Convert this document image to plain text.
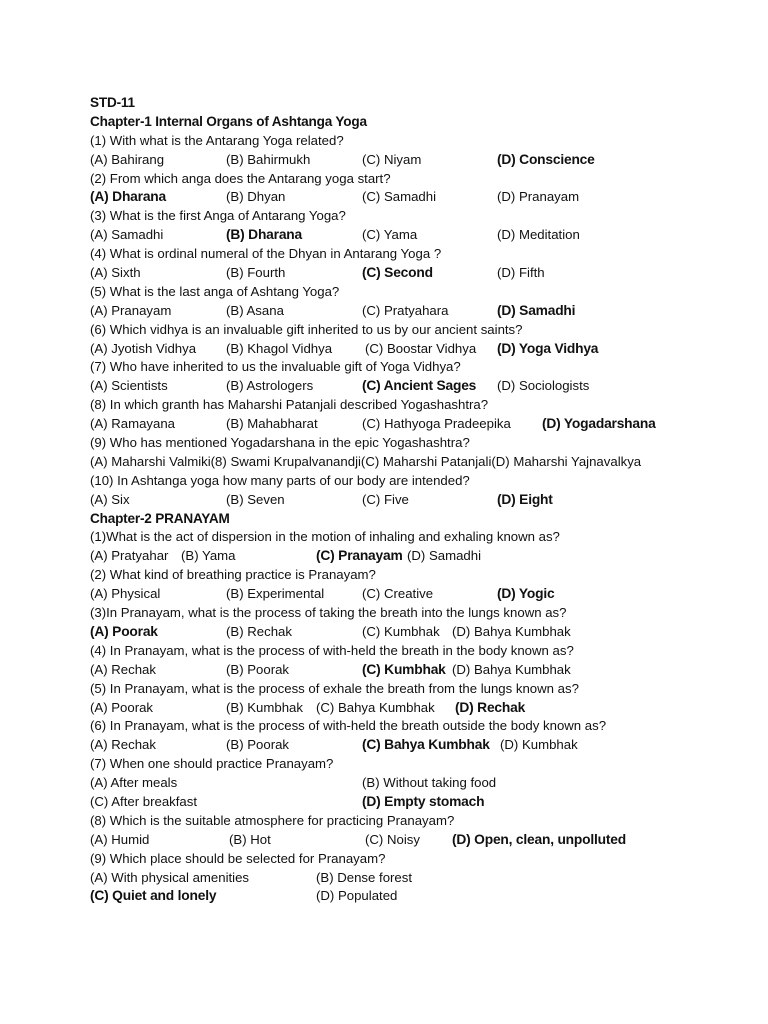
STD-11
Chapter-1 Internal Organs of Ashtanga Yoga
(1) With what is the Antarang Yoga related?
(A) Bahirang	(B) Bahirmukh	(C) Niyam	(D) Conscience
(2) From which anga does the Antarang yoga start?
(A) Dharana	(B) Dhyan	(C) Samadhi	(D) Pranayam
(3) What is the first Anga of Antarang Yoga?
(A) Samadhi	(B) Dharana	(C) Yama	(D) Meditation
(4) What is ordinal numeral of the Dhyan in Antarang Yoga ?
(A) Sixth	(B) Fourth	(C) Second	(D) Fifth
(5) What is the last anga of Ashtang Yoga?
(A) Pranayam	(B) Asana	(C) Pratyahara	(D) Samadhi
(6) Which vidhya is an invaluable gift inherited to us by our ancient saints?
(A) Jyotish Vidhya (B) Khagol Vidhya (C) Boostar Vidhya (D) Yoga Vidhya
(7) Who have inherited to us the invaluable gift of Yoga Vidhya?
(A) Scientists	(B) Astrologers	(C) Ancient Sages (D) Sociologists
(8) In which granth has Maharshi Patanjali described Yogashashtra?
(A) Ramayana	(B) Mahabharat	(C) Hathyoga Pradeepika (D) Yogadarshana
(9) Who has mentioned Yogadarshana in the epic Yogashashtra?
(A) Maharshi Valmiki(8) Swami Krupalvanandji(C) Maharshi Patanjali(D) Maharshi Yajnavalkya
(10) In Ashtanga yoga how many parts of our body are intended?
(A) Six	(B) Seven	(C) Five	(D) Eight
Chapter-2 PRANAYAM
(1)What is the act of dispersion in the motion of inhaling and exhaling known as?
(A) Pratyahar (B) Yama	(C) Pranayam (D) Samadhi
(2) What kind of breathing practice is Pranayam?
(A) Physical	(B) Experimental	(C) Creative	(D) Yogic
(3)In Pranayam, what is the process of taking the breath into the lungs known as?
(A) Poorak	(B) Rechak	(C) Kumbhak (D) Bahya Kumbhak
(4) In Pranayam, what is the process of with-held the breath in the body known as?
(A) Rechak	(B) Poorak	(C) Kumbhak (D) Bahya Kumbhak
(5) In Pranayam, what is the process of exhale the breath from the lungs known as?
(A) Poorak	(B) Kumbhak (C) Bahya Kumbhak (D) Rechak
(6) In Pranayam, what is the process of with-held the breath outside the body known as?
(A) Rechak	(B) Poorak	(C) Bahya Kumbhak (D) Kumbhak
(7) When one should practice Pranayam?
(A) After meals	(B) Without taking food
(C) After breakfast	(D) Empty stomach
(8) Which is the suitable atmosphere for practicing Pranayam?
(A) Humid	(B) Hot	(C) Noisy (D) Open, clean, unpolluted
(9) Which place should be selected for Pranayam?
(A) With physical amenities	(B) Dense forest
(C) Quiet and lonely	(D) Populated
